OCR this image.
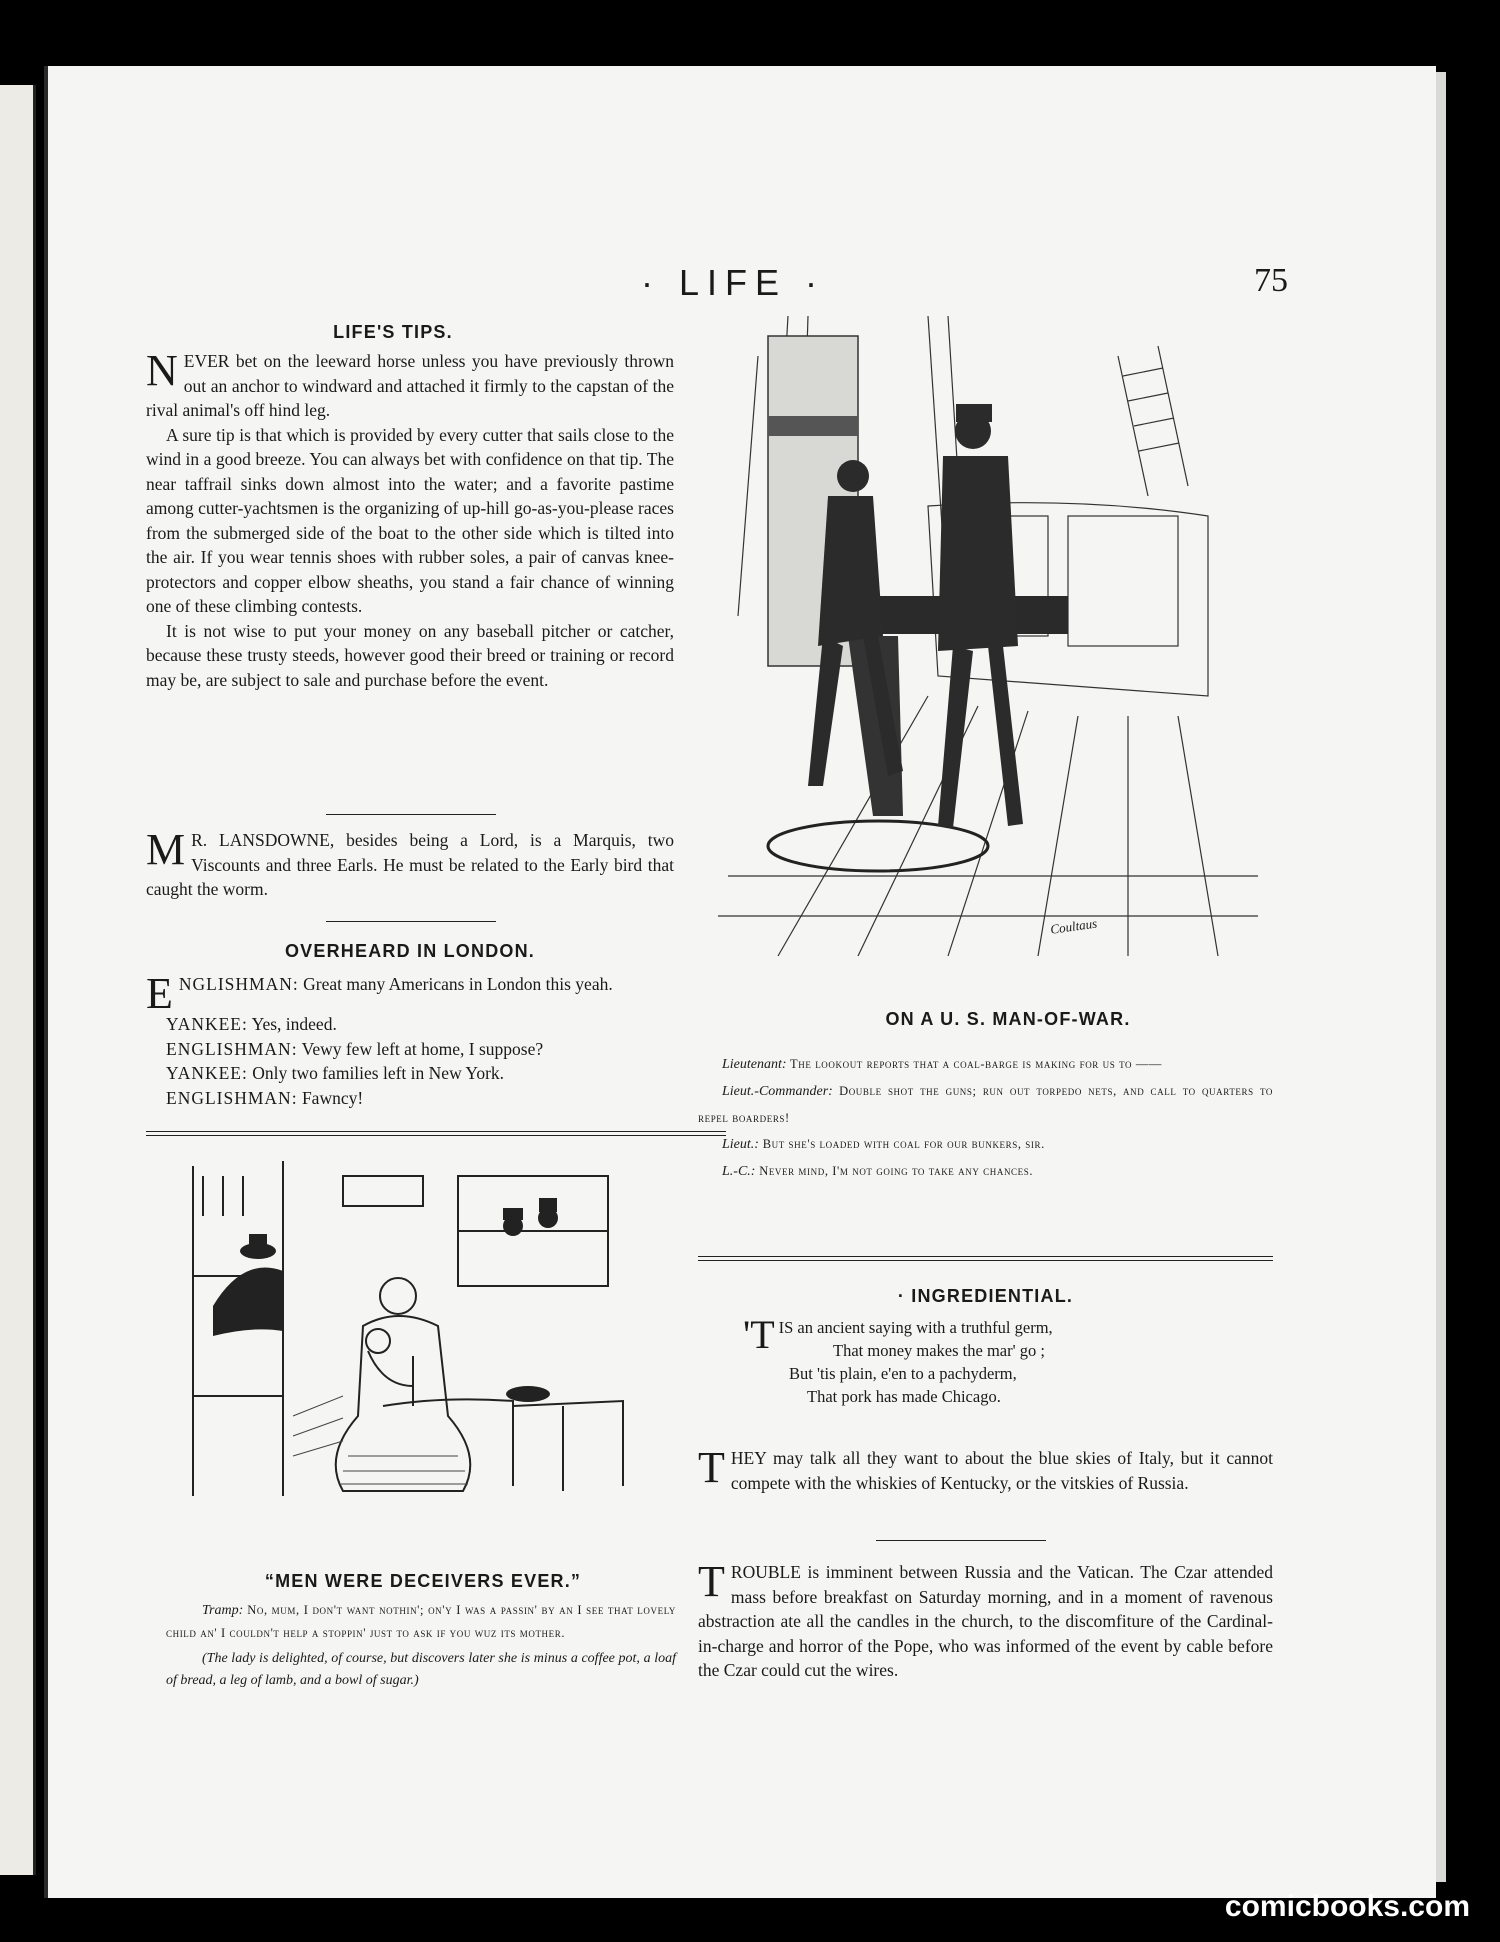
· LIFE ·	75
LIFE'S TIPS.

NEVER bet on the leeward horse unless you have previously thrown out an anchor to windward and attached it firmly to the capstan of the rival animal's off hind leg.

A sure tip is that which is provided by every cutter that sails close to the wind in a good breeze. You can always bet with confidence on that tip. The near taffrail sinks down almost into the water; and a favorite pastime among cutter-yachtsmen is the organizing of up-hill go-as-you-please races from the submerged side of the boat to the other side which is tilted into the air. If you wear tennis shoes with rubber soles, a pair of canvas knee-protectors and copper elbow sheaths, you stand a fair chance of winning one of these climbing contests.

It is not wise to put your money on any baseball pitcher or catcher, because these trusty steeds, however good their breed or training or record may be, are subject to sale and purchase before the event.

M R. LANSDOWNE, besides being a Lord, is a Marquis, two Viscounts and three Earls. He must be related to the Early bird that caught the worm.

OVERHEARD IN LONDON.
ENGLISHMAN: Great many Americans in London this yeah.
YANKEE: Yes, indeed.
ENGLISHMAN: Vewy few left at home, I suppose?
YANKEE: Only two families left in New York.
ENGLISHMAN: Fawncy!
“MEN WERE DECEIVERS EVER.”
Tramp: No, mum, I don't want nothin'; on'y I was a passin' by an I see that lovely child an' I couldn't help a stoppin' just to ask if you wuz its mother.
(The lady is delighted, of course, but discovers later she is minus a coffee pot, a loaf of bread, a leg of lamb, and a bowl of sugar.)
Coultaus
ON A U. S. MAN-OF-WAR.
Lieutenant: The lookout reports that a coal-barge is making for us to ——
Lieut.-Commander: Double shot the guns; run out torpedo nets, and call to quarters to repel boarders!
Lieut.: But she's loaded with coal for our bunkers, sir.
L.-C.: Never mind, I'm not going to take any chances.
· INGREDIENTIAL.
'TIS an ancient saying with a truthful germ,
That money makes the mar' go ;
But 'tis plain, e'en to a pachyderm,
That pork has made Chicago.

THEY may talk all they want to about the blue skies of Italy, but it cannot compete with the whiskies of Kentucky, or the vitskies of Russia.

TROUBLE is imminent between Russia and the Vatican. The Czar attended mass before breakfast on Saturday morning, and in a moment of ravenous abstraction ate all the candles in the church, to the discomfiture of the Cardinal-in-charge and horror of the Pope, who was informed of the event by cable before the Czar could cut the wires.

comicbooks.com
